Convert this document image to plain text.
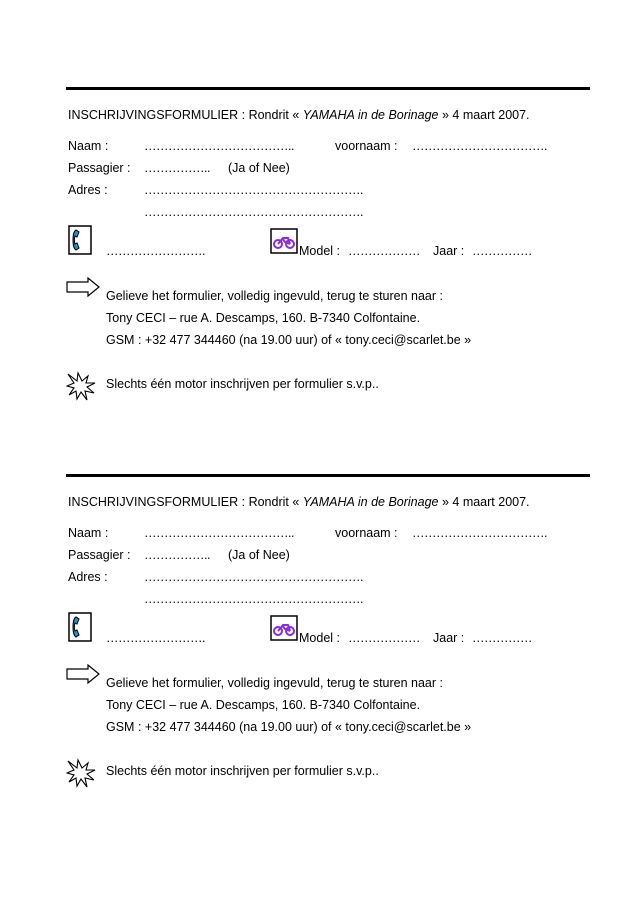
INSCHRIJVINGSFORMULIER : Rondrit « YAMAHA in de Borinage » 4 maart 2007.
Naam :	………………………………..	voornaam : …………………………….
Passagier : …………….. (Ja of Nee)
Adres :	……………………………………………….
……………………………………………….
…………………….	Model : ……………… Jaar : ……………
Gelieve het formulier, volledig ingevuld, terug te sturen naar :
Tony CECI – rue A. Descamps, 160. B-7340 Colfontaine.
GSM : +32 477 344460 (na 19.00 uur) of « tony.ceci@scarlet.be »
Slechts één motor inschrijven per formulier s.v.p..
INSCHRIJVINGSFORMULIER : Rondrit « YAMAHA in de Borinage » 4 maart 2007.
Naam :	………………………………..	voornaam : …………………………….
Passagier : …………….. (Ja of Nee)
Adres :	……………………………………………….
……………………………………………….
…………………….	Model : ……………… Jaar : ……………
Gelieve het formulier, volledig ingevuld, terug te sturen naar :
Tony CECI – rue A. Descamps, 160. B-7340 Colfontaine.
GSM : +32 477 344460 (na 19.00 uur) of « tony.ceci@scarlet.be »
Slechts één motor inschrijven per formulier s.v.p..
